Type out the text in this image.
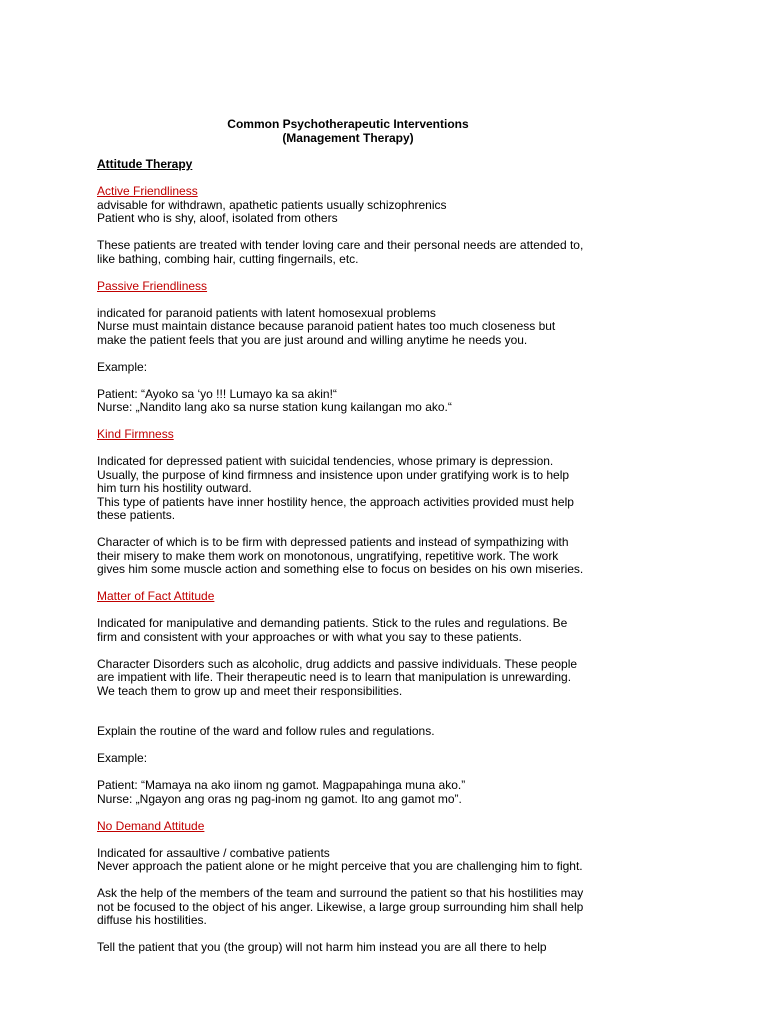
Common Psychotherapeutic Interventions

(Management Therapy)

Attitude Therapy

Active Friendliness

advisable for withdrawn, apathetic patients usually schizophrenics

Patient who is shy, aloof, isolated from others

These patients are treated with tender loving care and their personal needs are attended to, like bathing, combing hair, cutting fingernails, etc.

Passive Friendliness

indicated for paranoid patients with latent homosexual problems

Nurse must maintain distance because paranoid patient hates too much closeness but make the patient feels that you are just around and willing anytime he needs you.

Example:

Patient: “Ayoko sa ‘yo !!! Lumayo ka sa akin!“

Nurse: „Nandito lang ako sa nurse station kung kailangan mo ako.“

Kind Firmness

Indicated for depressed patient with suicidal tendencies, whose primary is depression. Usually, the purpose of kind firmness and insistence upon under gratifying work is to help him turn his hostility outward.

This type of patients have inner hostility hence, the approach activities provided must help these patients.

Character of which is to be firm with depressed patients and instead of sympathizing with their misery to make them work on monotonous, ungratifying, repetitive work. The work gives him some muscle action and something else to focus on besides on his own miseries.

Matter of Fact Attitude

Indicated for manipulative and demanding patients. Stick to the rules and regulations. Be firm and consistent with your approaches or with what you say to these patients.

Character Disorders such as alcoholic, drug addicts and passive individuals. These people are impatient with life. Their therapeutic need is to learn that manipulation is unrewarding. We teach them to grow up and meet their responsibilities.

Explain the routine of the ward and follow rules and regulations.

Example:

Patient: “Mamaya na ako iinom ng gamot. Magpapahinga muna ako.”

Nurse: „Ngayon ang oras ng pag-inom ng gamot. Ito ang gamot mo”.

No Demand Attitude

Indicated for assaultive / combative patients

Never approach the patient alone or he might perceive that you are challenging him to fight.

Ask the help of the members of the team and surround the patient so that his hostilities may not be focused to the object of his anger. Likewise, a large group surrounding him shall help diffuse his hostilities.

Tell the patient that you (the group) will not harm him instead you are all there to help
